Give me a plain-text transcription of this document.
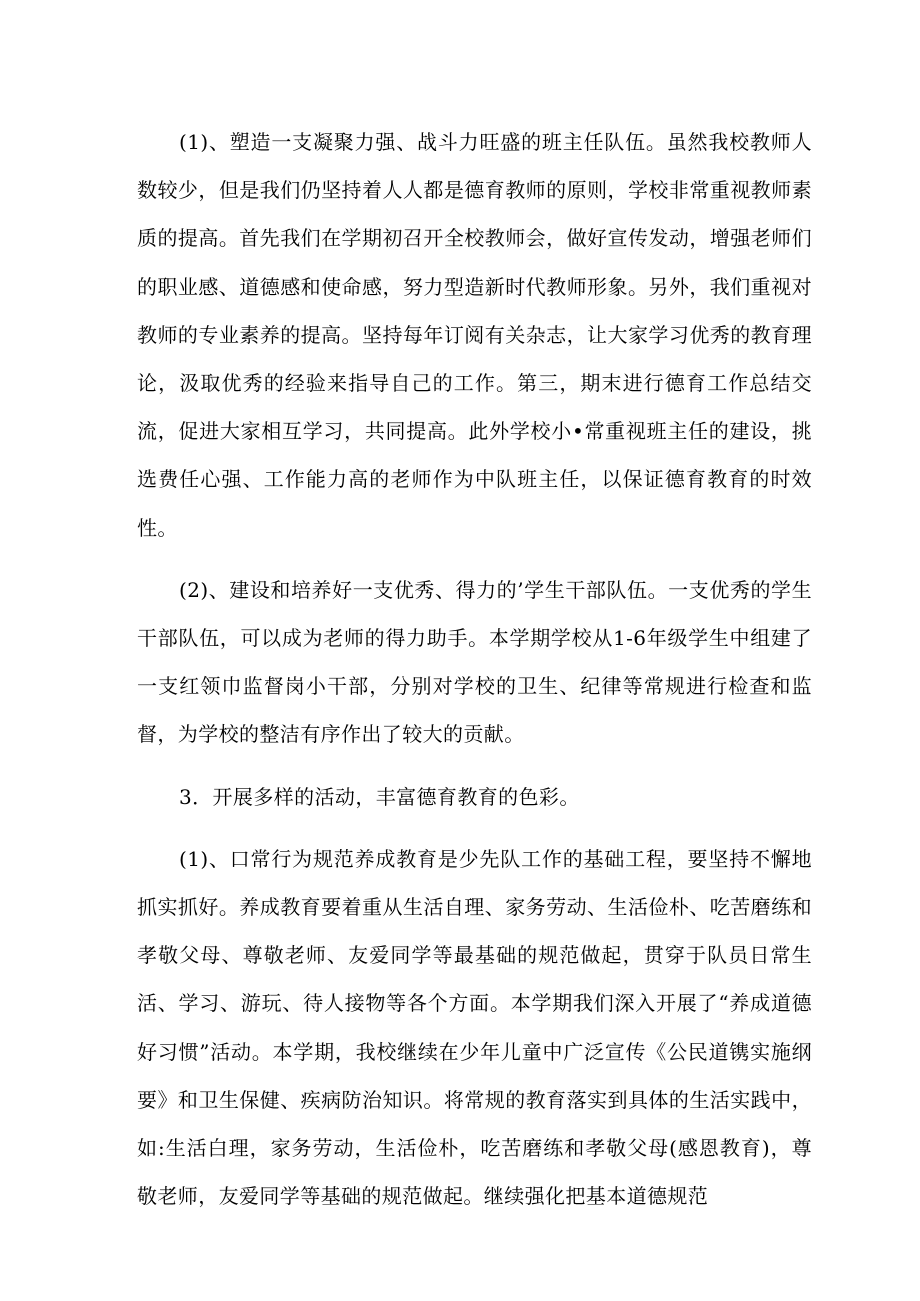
(1)、塑造一支凝聚力强、战斗力旺盛的班主任队伍。虽然我校教师人数较少，但是我们仍坚持着人人都是德育教师的原则，学校非常重视教师素质的提高。首先我们在学期初召开全校教师会，做好宣传发动，增强老师们的职业感、道德感和使命感，努力型造新时代教师形象。另外，我们重视对教师的专业素养的提高。坚持每年订阅有关杂志，让大家学习优秀的教育理论，汲取优秀的经验来指导自己的工作。第三，期末进行德育工作总结交流，促进大家相互学习，共同提高。此外学校小•常重视班主任的建设，挑选费任心强、工作能力高的老师作为中队班主任，以保证德育教育的时效性。

(2)、建设和培养好一支优秀、得力的’学生干部队伍。一支优秀的学生干部队伍，可以成为老师的得力助手。本学期学校从1-6年级学生中组建了一支红领巾监督岗小干部，分别对学校的卫生、纪律等常规进行检查和监督，为学校的整洁有序作出了较大的贡献。

3．开展多样的活动，丰富德育教育的色彩。

(1)、口常行为规范养成教育是少先队工作的基础工程，要坚持不懈地抓实抓好。养成教育要着重从生活自理、家务劳动、生活俭朴、吃苦磨练和孝敬父母、尊敬老师、友爱同学等最基础的规范做起，贯穿于队员日常生活、学习、游玩、待人接物等各个方面。本学期我们深入开展了“养成道德好习惯”活动。本学期，我校继续在少年儿童中广泛宣传《公民道镌实施纲要》和卫生保健、疾病防治知识。将常规的教育落实到具体的生活实践中，如:生活白理，家务劳动，生活俭朴，吃苦磨练和孝敬父母(感恩教育)，尊敬老师，友爱同学等基础的规范做起。继续强化把基本道德规范
